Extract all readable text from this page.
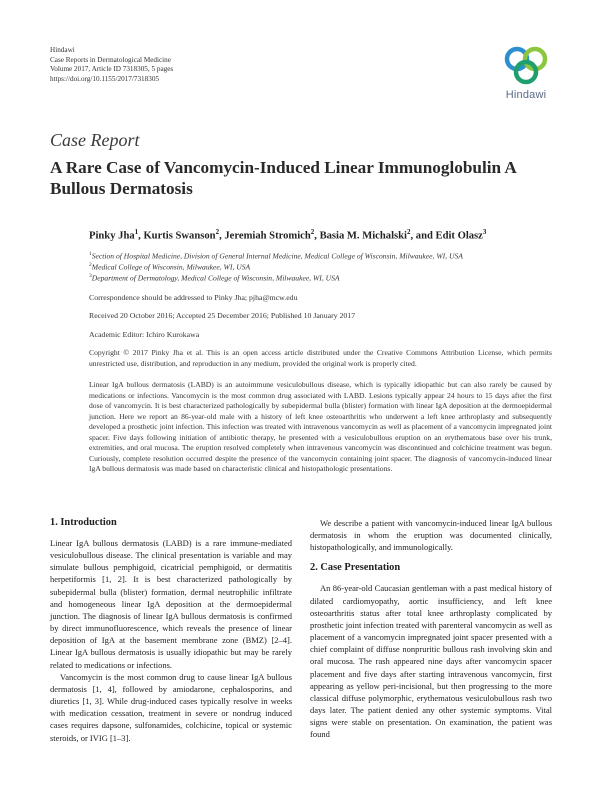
Hindawi
Case Reports in Dermatological Medicine
Volume 2017, Article ID 7318305, 5 pages
https://doi.org/10.1155/2017/7318305
Hindawi
Case Report
A Rare Case of Vancomycin-Induced Linear Immunoglobulin A Bullous Dermatosis
Pinky Jha$^1$, Kurtis Swanson$^2$, Jeremiah Stromich$^2$, Basia M. Michalski$^2$, and Edit Olasz$^3$
$^1$Section of Hospital Medicine, Division of General Internal Medicine, Medical College of Wisconsin, Milwaukee, WI, USA
$^2$Medical College of Wisconsin, Milwaukee, WI, USA
$^3$Department of Dermatology, Medical College of Wisconsin, Milwaukee, WI, USA
Correspondence should be addressed to Pinky Jha; pjha@mcw.edu
Received 20 October 2016; Accepted 25 December 2016; Published 10 January 2017
Academic Editor: Ichiro Kurokawa
Copyright © 2017 Pinky Jha et al. This is an open access article distributed under the Creative Commons Attribution License, which permits unrestricted use, distribution, and reproduction in any medium, provided the original work is properly cited.
Linear IgA bullous dermatosis (LABD) is an autoimmune vesiculobullous disease, which is typically idiopathic but can also rarely be caused by medications or infections. Vancomycin is the most common drug associated with LABD. Lesions typically appear 24 hours to 15 days after the first dose of vancomycin. It is best characterized pathologically by subepidermal bulla (blister) formation with linear IgA deposition at the dermoepidermal junction. Here we report an 86-year-old male with a history of left knee osteoarthritis who underwent a left knee arthroplasty and subsequently developed a prosthetic joint infection. This infection was treated with intravenous vancomycin as well as placement of a vancomycin impregnated joint spacer. Five days following initiation of antibiotic therapy, he presented with a vesiculobullous eruption on an erythematous base over his trunk, extremities, and oral mucosa. The eruption resolved completely when intravenous vancomycin was discontinued and colchicine treatment was begun. Curiously, complete resolution occurred despite the presence of the vancomycin containing joint spacer. The diagnosis of vancomycin-induced linear IgA bullous dermatosis was made based on characteristic clinical and histopathologic presentations.
1. Introduction

Linear IgA bullous dermatosis (LABD) is a rare immune-mediated vesiculobullous disease. The clinical presentation is variable and may simulate bullous pemphigoid, cicatricial pemphigoid, or dermatitis herpetiformis [1, 2]. It is best characterized pathologically by subepidermal bulla (blister) formation, dermal neutrophilic infiltrate and homogeneous linear IgA deposition at the dermoepidermal junction. The diagnosis of linear IgA bullous dermatosis is confirmed by direct immunofluorescence, which reveals the presence of linear deposition of IgA at the basement membrane zone (BMZ) [2–4]. Linear IgA bullous dermatosis is usually idiopathic but may be rarely related to medications or infections.

Vancomycin is the most common drug to cause linear IgA bullous dermatosis [1, 4], followed by amiodarone, cephalosporins, and diuretics [1, 3]. While drug-induced cases typically resolve in weeks with medication cessation, treatment in severe or nondrug induced cases requires dapsone, sulfonamides, colchicine, topical or systemic steroids, or IVIG [1–3].

We describe a patient with vancomycin-induced linear IgA bullous dermatosis in whom the eruption was documented clinically, histopathologically, and immunologically.

2. Case Presentation

An 86-year-old Caucasian gentleman with a past medical history of dilated cardiomyopathy, aortic insufficiency, and left knee osteoarthritis status after total knee arthroplasty complicated by prosthetic joint infection treated with parenteral vancomycin as well as placement of a vancomycin impregnated joint spacer presented with a chief complaint of diffuse nonpruritic bullous rash involving skin and oral mucosa. The rash appeared nine days after vancomycin spacer placement and five days after starting intravenous vancomycin, first appearing as yellow peri-incisional, but then progressing to the more classical diffuse polymorphic, erythematous vesiculobullous rash two days later. The patient denied any other systemic symptoms. Vital signs were stable on presentation. On examination, the patient was found
